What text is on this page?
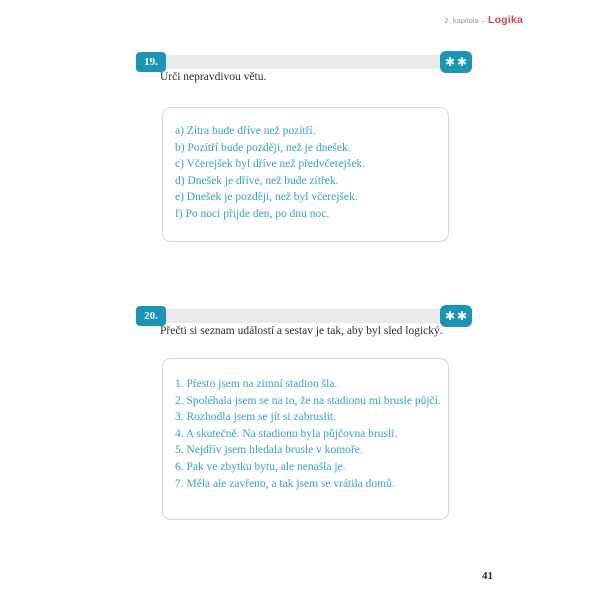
2. kapitola – Logika
19.	✱✱
Urči nepravdivou větu.
a) Zítra bude dříve než pozítří.
b) Pozítří bude později, než je dnešek.
c) Včerejšek byl dříve než předvčerejšek.
d) Dnešek je dříve, než bude zítřek.
e) Dnešek je později, než byl včerejšek.
f) Po noci přijde den, po dnu noc.
20.	✱✱
Přečti si seznam událostí a sestav je tak, aby byl sled logický.
1. Přesto jsem na zimní stadion šla.
2. Spoléhala jsem se na to, že na stadionu mi brusle půjčí.
3. Rozhodla jsem se jít si zabruslit.
4. A skutečně. Na stadionu byla půjčovna bruslí.
5. Nejdřív jsem hledala brusle v komoře.
6. Pak ve zbytku bytu, ale nenašla je.
7. Měla ale zavřeno, a tak jsem se vrátila domů.
41
